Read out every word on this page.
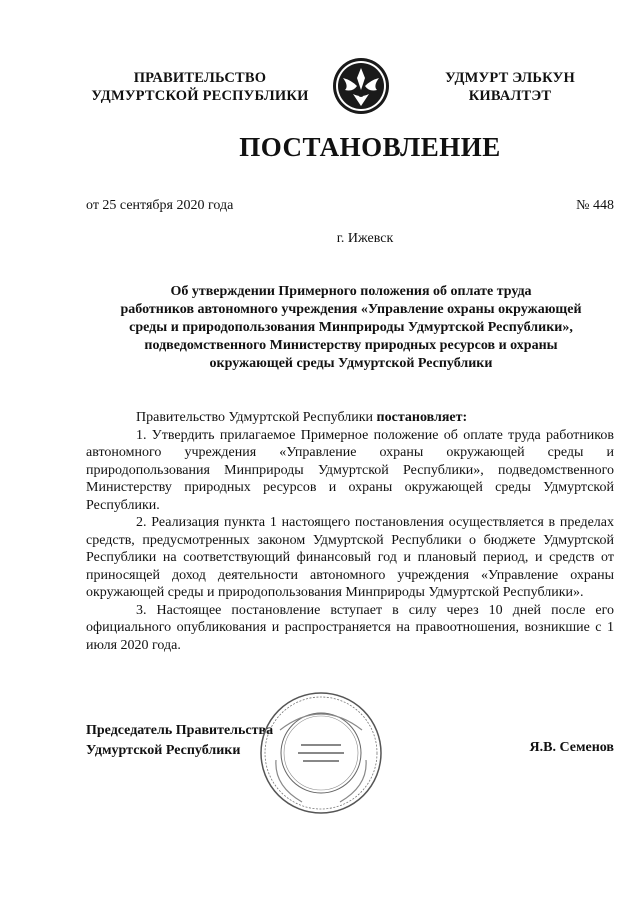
ПРАВИТЕЛЬСТВО
УДМУРТСКОЙ РЕСПУБЛИКИ
УДМУРТ ЭЛЬКУН
КИВАЛТЭТ
ПОСТАНОВЛЕНИЕ
от 25 сентября 2020 года	№ 448
г. Ижевск
Об утверждении Примерного положения об оплате труда
работников автономного учреждения «Управление охраны окружающей
среды и природопользования Минприроды Удмуртской Республики»,
подведомственного Министерству природных ресурсов и охраны
окружающей среды Удмуртской Республики

Правительство Удмуртской Республики постановляет:

1. Утвердить прилагаемое Примерное положение об оплате труда работников автономного учреждения «Управление охраны окружающей среды и природопользования Минприроды Удмуртской Республики», подведомственного Министерству природных ресурсов и охраны окружающей среды Удмуртской Республики.

2. Реализация пункта 1 настоящего постановления осуществляется в пределах средств, предусмотренных законом Удмуртской Республики о бюджете Удмуртской Республики на соответствующий финансовый год и плановый период, и средств от приносящей доход деятельности автономного учреждения «Управление охраны окружающей среды и природопользования Минприроды Удмуртской Республики».

3. Настоящее постановление вступает в силу через 10 дней после его официального опубликования и распространяется на правоотношения, возникшие с 1 июля 2020 года.

Председатель Правительства
Удмуртской Республики	Я.В. Семенов
